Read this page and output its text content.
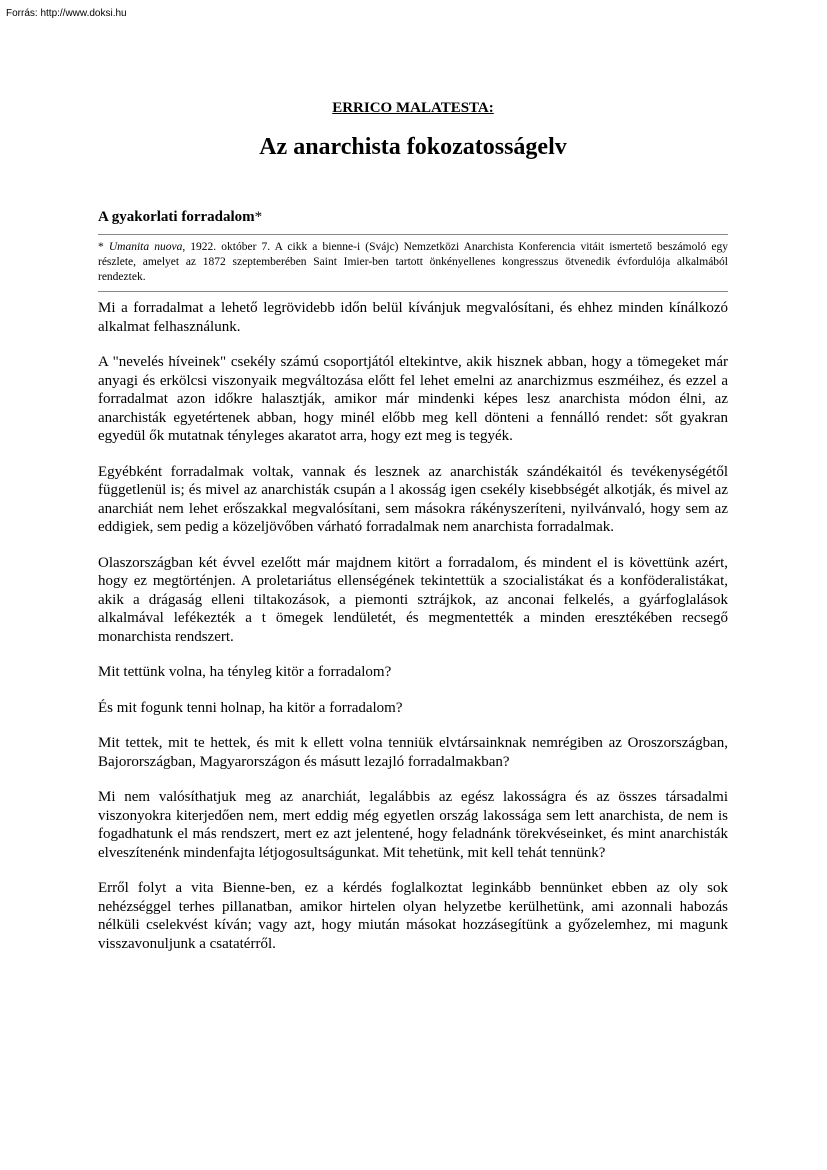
Forrás: http://www.doksi.hu
ERRICO MALATESTA:
Az anarchista fokozatosságelv
A gyakorlati forradalom*
* Umanita nuova, 1922. október 7. A cikk a bienne-i (Svájc) Nemzetközi Anarchista Konferencia vitáit ismertető beszámoló egy részlete, amelyet az 1872 szeptemberében Saint Imier-ben tartott önkényellenes kongresszus ötvenedik évfordulója alkalmából rendeztek.

Mi a forradalmat a lehető legrövidebb időn belül kívánjuk megvalósítani, és ehhez minden kínálkozó alkalmat felhasználunk.

A "nevelés híveinek" csekély számú csoportjától eltekintve, akik hisznek abban, hogy a tömegeket már anyagi és erkölcsi viszonyaik megváltozása előtt fel lehet emelni az anarchizmus eszméihez, és ezzel a forradalmat azon időkre halasztják, amikor már mindenki képes lesz anarchista módon élni, az anarchisták egyetértenek abban, hogy minél előbb meg kell dönteni a fennálló rendet: sőt gyakran egyedül ők mutatnak tényleges akaratot arra, hogy ezt meg is tegyék.

Egyébként forradalmak voltak, vannak és lesznek az anarchisták szándékaitól és tevékenységétől függetlenül is; és mivel az anarchisták csupán a l akosság igen csekély kisebbségét alkotják, és mivel az anarchiát nem lehet erőszakkal megvalósítani, sem másokra rákényszeríteni, nyilvánvaló, hogy sem az eddigiek, sem pedig a közeljövőben várható forradalmak nem anarchista forradalmak.

Olaszországban két évvel ezelőtt már majdnem kitört a forradalom, és mindent el is követtünk azért, hogy ez megtörténjen. A proletariátus ellenségének tekintettük a szocialistákat és a konföderalistákat, akik a drágaság elleni tiltakozások, a piemonti sztrájkok, az anconai felkelés, a gyárfoglalások alkalmával lefékezték a t ömegek lendületét, és megmentették a minden eresztékében recsegő monarchista rendszert.

Mit tettünk volna, ha tényleg kitör a forradalom?

És mit fogunk tenni holnap, ha kitör a forradalom?

Mit tettek, mit te hettek, és mit k ellett volna tenniük elvtársainknak nemrégiben az Oroszországban, Bajorországban, Magyarországon és másutt lezajló forradalmakban?

Mi nem valósíthatjuk meg az anarchiát, legalábbis az egész lakosságra és az összes társadalmi viszonyokra kiterjedően nem, mert eddig még egyetlen ország lakossága sem lett anarchista, de nem is fogadhatunk el más rendszert, mert ez azt jelentené, hogy feladnánk törekvéseinket, és mint anarchisták elveszítenénk mindenfajta létjogosultságunkat. Mit tehetünk, mit kell tehát tennünk?

Erről folyt a vita Bienne-ben, ez a kérdés foglalkoztat leginkább bennünket ebben az oly sok nehézséggel terhes pillanatban, amikor hirtelen olyan helyzetbe kerülhetünk, ami azonnali habozás nélküli cselekvést kíván; vagy azt, hogy miután másokat hozzásegítünk a győzelemhez, mi magunk visszavonuljunk a csatatérről.
